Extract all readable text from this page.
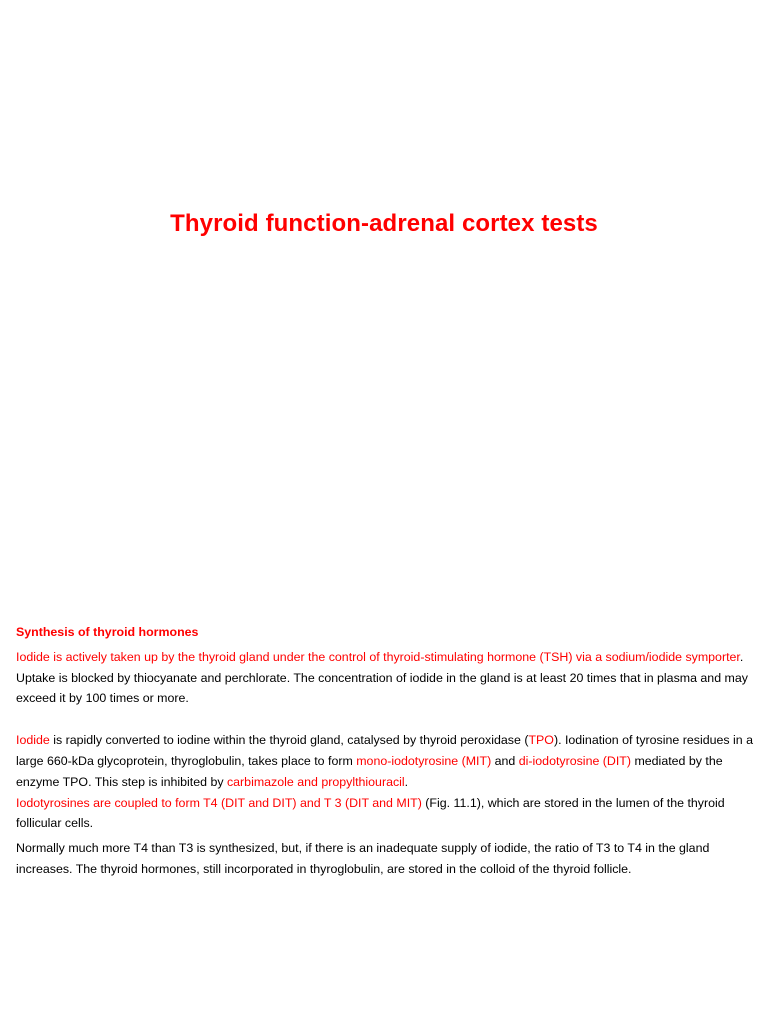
Thyroid function-adrenal cortex tests
Synthesis of thyroid hormones

Iodide is actively taken up by the thyroid gland under the control of thyroid-stimulating hormone (TSH) via a sodium/iodide symporter. Uptake is blocked by thiocyanate and perchlorate. The concentration of iodide in the gland is at least 20 times that in plasma and may exceed it by 100 times or more.

Iodide is rapidly converted to iodine within the thyroid gland, catalysed by thyroid peroxidase (TPO). Iodination of tyrosine residues in a large 660-kDa glycoprotein, thyroglobulin, takes place to form mono-iodotyrosine (MIT) and di-iodotyrosine (DIT) mediated by the enzyme TPO. This step is inhibited by carbimazole and propylthiouracil.

Iodotyrosines are coupled to form T4 (DIT and DIT) and T 3 (DIT and MIT) (Fig. 11.1), which are stored in the lumen of the thyroid follicular cells.

Normally much more T4 than T3 is synthesized, but, if there is an inadequate supply of iodide, the ratio of T3 to T4 in the gland increases. The thyroid hormones, still incorporated in thyroglobulin, are stored in the colloid of the thyroid follicle.
